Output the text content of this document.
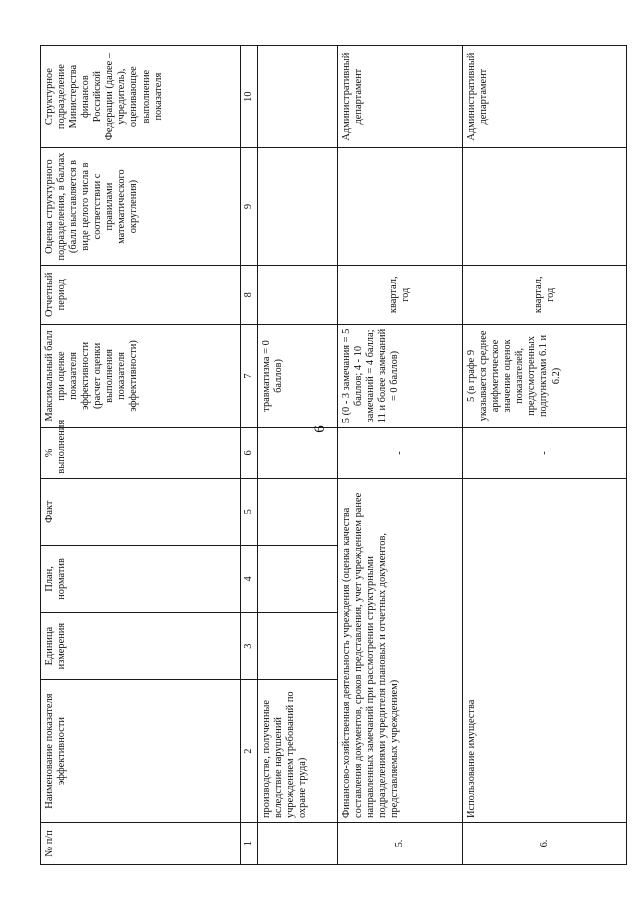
6
№ п/п	Наименование показателя эффективности	Единица измерения	План, норматив	Факт	% выполнения	Максимальный балл при оценке показателя эффективности (расчет оценки выполнения показателя эффективности)	Отчетный период	Оценка структурного подразделения, в баллах (балл выставляется в виде целого числа в соответствии с правилами математического округления)	Структурное подразделение Министерства финансов Российской Федерации (далее – учредитель), оценивающее выполнение показателя
1	2	3	4	5	6	7	8	9	10
	производстве, полученные вследствие нарушений учреждением требований по охране труда)					травматизма = 0 баллов)			
5.	Финансово-хозяйственная деятельность учреждения (оценка качества составления документов, сроков представления, учет учреждением ранее направленных замечаний при рассмотрении структурными подразделениями учредителя плановых и отчетных документов, представляемых учреждением)				-	5 (0 - 3 замечания = 5 баллов; 4 - 10 замечаний = 4 балла; 11 и более замечаний = 0 баллов)	квартал, год		Административный департамент
6.	Использование имущества				-	5 (в графе 9 указывается среднее арифметическое значение оценок показателей, предусмотренных подпунктами 6.1 и 6.2)	квартал, год		Административный департамент
